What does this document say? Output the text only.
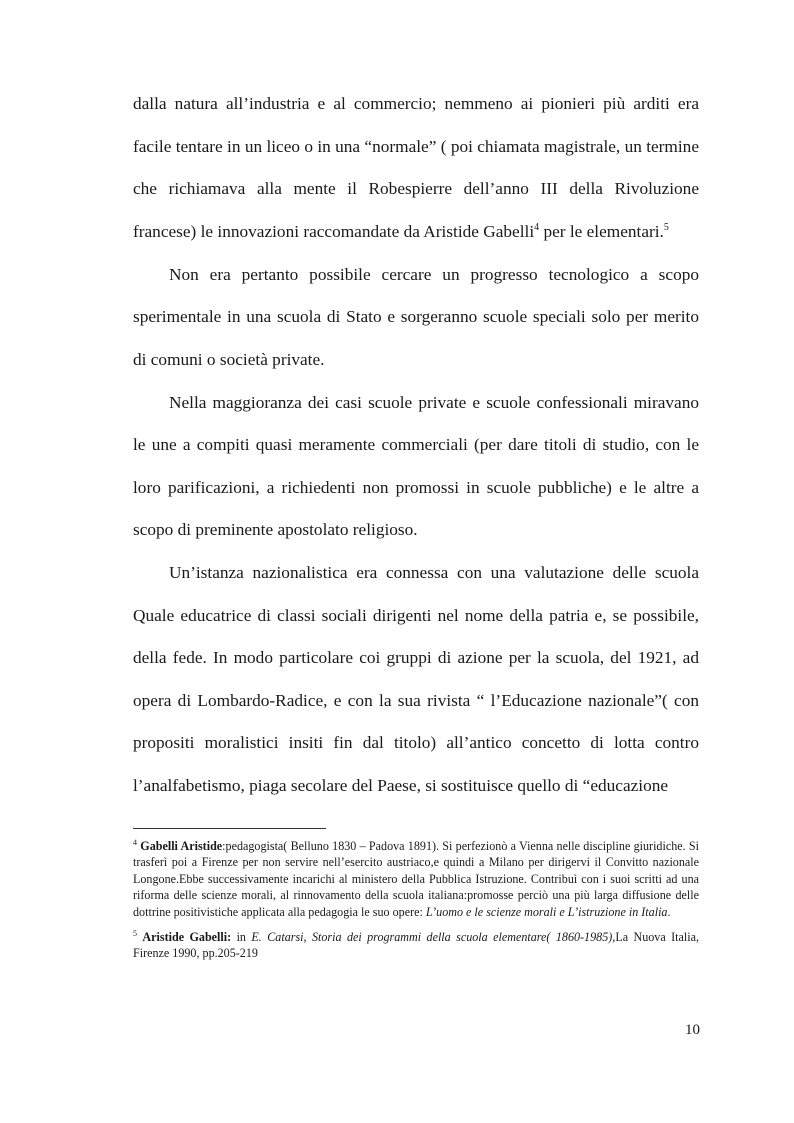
dalla natura all’industria e al commercio; nemmeno ai pionieri più arditi era facile tentare in un liceo o in una “normale” ( poi chiamata magistrale, un termine che richiamava alla mente il Robespierre dell’anno III della Rivoluzione francese) le innovazioni raccomandate da Aristide Gabelli$^4$ per le elementari.$^5$

Non era pertanto possibile cercare un progresso tecnologico a scopo sperimentale in una scuola di Stato e sorgeranno scuole speciali solo per merito di comuni o società private.

Nella maggioranza dei casi scuole private e scuole confessionali miravano le une a compiti quasi meramente commerciali (per dare titoli di studio, con le loro parificazioni, a richiedenti non promossi in scuole pubbliche) e le altre a scopo di preminente apostolato religioso.

Un’istanza nazionalistica era connessa con una valutazione delle scuola Quale educatrice di classi sociali dirigenti nel nome della patria e, se possibile, della fede. In modo particolare coi gruppi di azione per la scuola, del 1921, ad opera di Lombardo-Radice, e con la sua rivista “ l’Educazione nazionale”( con propositi moralistici insiti fin dal titolo) all’antico concetto di lotta contro l’analfabetismo, piaga secolare del Paese, si sostituisce quello di “educazione

$^4$ Gabelli Aristide:pedagogista( Belluno 1830 – Padova 1891). Si perfezionò a Vienna nelle discipline giuridiche. Si trasferì poi a Firenze per non servire nell’esercito austriaco,e quindi a Milano per dirigervi il Convitto nazionale Longone.Ebbe successivamente incarichi al ministero della Pubblica Istruzione. Contribuì con i suoi scritti ad una riforma delle scienze morali, al rinnovamento della scuola italiana:promosse perciò una più larga diffusione delle dottrine positivistiche applicata alla pedagogia le suo opere: L’uomo e le scienze morali e L’istruzione in Italia.

$^5$ Aristide Gabelli: in E. Catarsi, Storia dei programmi della scuola elementare( 1860-1985),La Nuova Italia, Firenze 1990, pp.205-219

10
